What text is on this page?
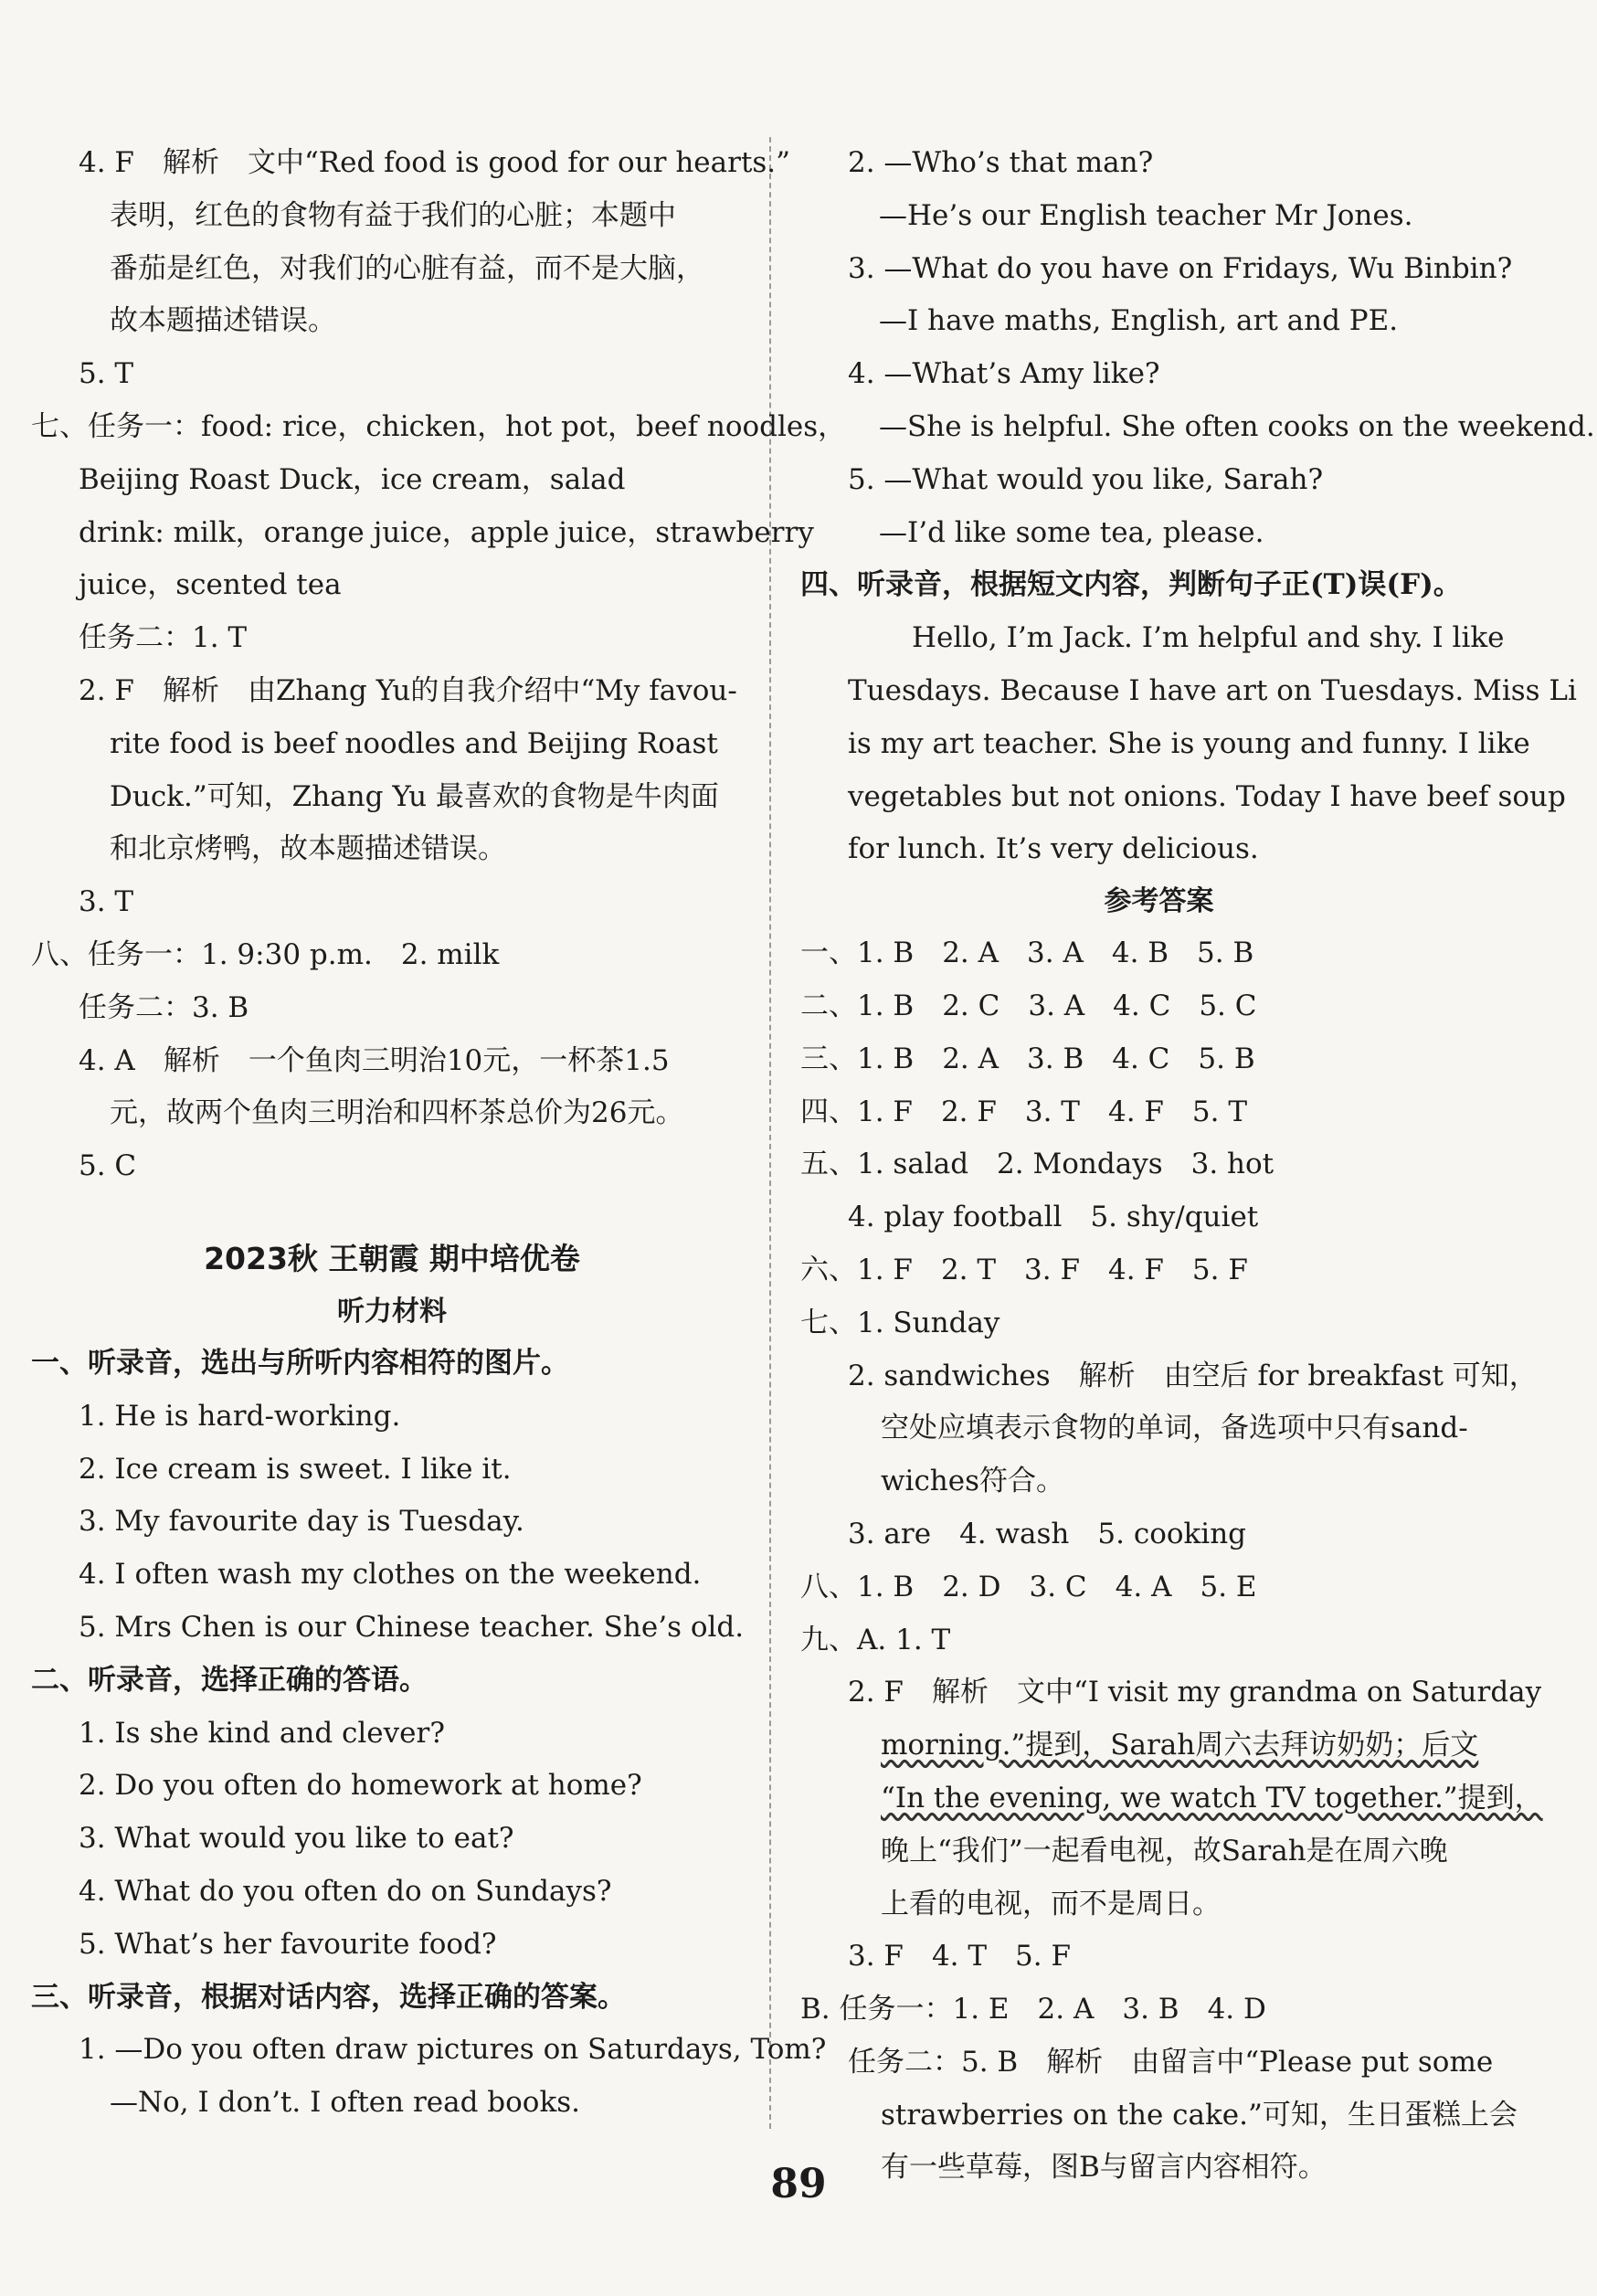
4. F　解析　文中“Red food is good for our hearts.”
表明，红色的食物有益于我们的心脏；本题中
番茄是红色，对我们的心脏有益，而不是大脑，
故本题描述错误。
5. T
七、任务一：food: rice，chicken，hot pot，beef noodles，
Beijing Roast Duck，ice cream，salad
drink: milk，orange juice，apple juice，strawberry
juice，scented tea
任务二：1. T
2. F　解析　由Zhang Yu的自我介绍中“My favou-
rite food is beef noodles and Beijing Roast
Duck.”可知，Zhang Yu 最喜欢的食物是牛肉面
和北京烤鸭，故本题描述错误。
3. T
八、任务一：1. 9:30 p.m.　2. milk
任务二：3. B
4. A　解析　一个鱼肉三明治10元，一杯茶1.5
元，故两个鱼肉三明治和四杯茶总价为26元。
5. C
2023秋 王朝霞 期中培优卷
听力材料
一、听录音，选出与所听内容相符的图片。
1. He is hard-working.
2. Ice cream is sweet. I like it.
3. My favourite day is Tuesday.
4. I often wash my clothes on the weekend.
5. Mrs Chen is our Chinese teacher. She’s old.
二、听录音，选择正确的答语。
1. Is she kind and clever?
2. Do you often do homework at home?
3. What would you like to eat?
4. What do you often do on Sundays?
5. What’s her favourite food?
三、听录音，根据对话内容，选择正确的答案。
1. —Do you often draw pictures on Saturdays, Tom?
—No, I don’t. I often read books.
2. —Who’s that man?
—He’s our English teacher Mr Jones.
3. —What do you have on Fridays, Wu Binbin?
—I have maths, English, art and PE.
4. —What’s Amy like?
—She is helpful. She often cooks on the weekend.
5. —What would you like, Sarah?
—I’d like some tea, please.
四、听录音，根据短文内容，判断句子正(T)误(F)。
Hello, I’m Jack. I’m helpful and shy. I like
Tuesdays. Because I have art on Tuesdays. Miss Li
is my art teacher. She is young and funny. I like
vegetables but not onions. Today I have beef soup
for lunch. It’s very delicious.
参考答案
一、1. B　2. A　3. A　4. B　5. B
二、1. B　2. C　3. A　4. C　5. C
三、1. B　2. A　3. B　4. C　5. B
四、1. F　2. F　3. T　4. F　5. T
五、1. salad　2. Mondays　3. hot
4. play football　5. shy/quiet
六、1. F　2. T　3. F　4. F　5. F
七、1. Sunday
2. sandwiches　解析　由空后 for breakfast 可知，
空处应填表示食物的单词，备选项中只有sand-
wiches符合。
3. are　4. wash　5. cooking
八、1. B　2. D　3. C　4. A　5. E
九、A. 1. T
2. F　解析　文中“I visit my grandma on Saturday
morning.”提到，Sarah周六去拜访奶奶；后文
“In the evening, we watch TV together.”提到，
晚上“我们”一起看电视，故Sarah是在周六晚
上看的电视，而不是周日。
3. F　4. T　5. F
B. 任务一：1. E　2. A　3. B　4. D
任务二：5. B　解析　由留言中“Please put some
strawberries on the cake.”可知，生日蛋糕上会
有一些草莓，图B与留言内容相符。
89
